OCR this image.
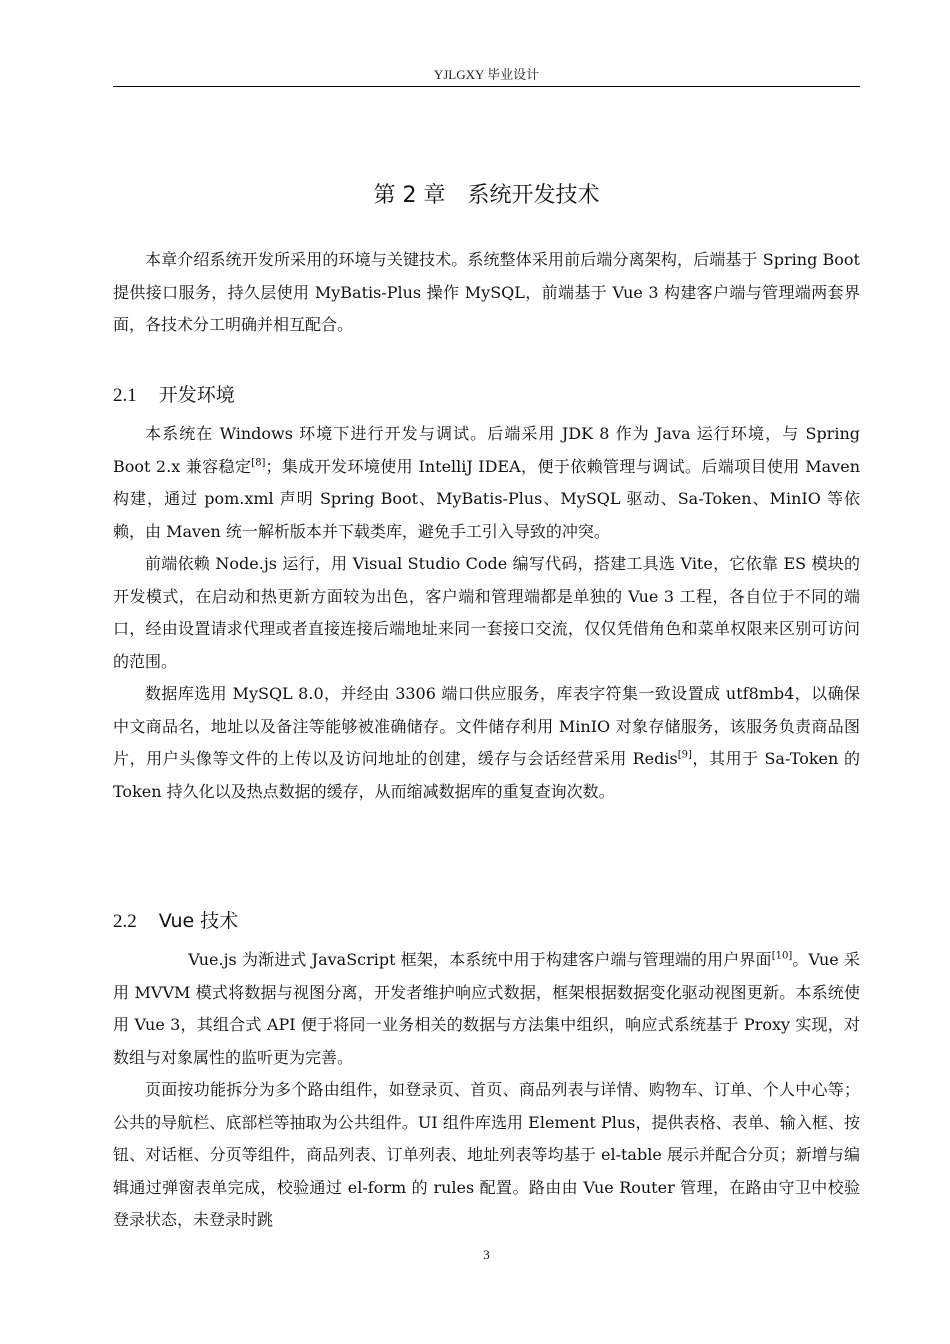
YJLGXY 毕业设计
第 2 章 系统开发技术

本章介绍系统开发所采用的环境与关键技术。系统整体采用前后端分离架构，后端基于 Spring Boot 提供接口服务，持久层使用 MyBatis-Plus 操作 MySQL，前端基于 Vue 3 构建客户端与管理端两套界面，各技术分工明确并相互配合。

2.1 开发环境

本系统在 Windows 环境下进行开发与调试。后端采用 JDK 8 作为 Java 运行环境，与 Spring Boot 2.x 兼容稳定[8]；集成开发环境使用 IntelliJ IDEA，便于依赖管理与调试。后端项目使用 Maven 构建，通过 pom.xml 声明 Spring Boot、MyBatis-Plus、MySQL 驱动、Sa-Token、MinIO 等依赖，由 Maven 统一解析版本并下载类库，避免手工引入导致的冲突。

前端依赖 Node.js 运行，用 Visual Studio Code 编写代码，搭建工具选 Vite，它依靠 ES 模块的开发模式，在启动和热更新方面较为出色，客户端和管理端都是单独的 Vue 3 工程，各自位于不同的端口，经由设置请求代理或者直接连接后端地址来同一套接口交流，仅仅凭借角色和菜单权限来区别可访问的范围。

数据库选用 MySQL 8.0，并经由 3306 端口供应服务，库表字符集一致设置成 utf8mb4，以确保中文商品名，地址以及备注等能够被准确储存。文件储存利用 MinIO 对象存储服务，该服务负责商品图片，用户头像等文件的上传以及访问地址的创建，缓存与会话经营采用 Redis[9]，其用于 Sa-Token 的 Token 持久化以及热点数据的缓存，从而缩减数据库的重复查询次数。

2.2 Vue 技术

Vue.js 为渐进式 JavaScript 框架，本系统中用于构建客户端与管理端的用户界面[10]。Vue 采用 MVVM 模式将数据与视图分离，开发者维护响应式数据，框架根据数据变化驱动视图更新。本系统使用 Vue 3，其组合式 API 便于将同一业务相关的数据与方法集中组织，响应式系统基于 Proxy 实现，对数组与对象属性的监听更为完善。

页面按功能拆分为多个路由组件，如登录页、首页、商品列表与详情、购物车、订单、个人中心等；公共的导航栏、底部栏等抽取为公共组件。UI 组件库选用 Element Plus，提供表格、表单、输入框、按钮、对话框、分页等组件，商品列表、订单列表、地址列表等均基于 el-table 展示并配合分页；新增与编辑通过弹窗表单完成，校验通过 el-form 的 rules 配置。路由由 Vue Router 管理，在路由守卫中校验登录状态，未登录时跳

3
